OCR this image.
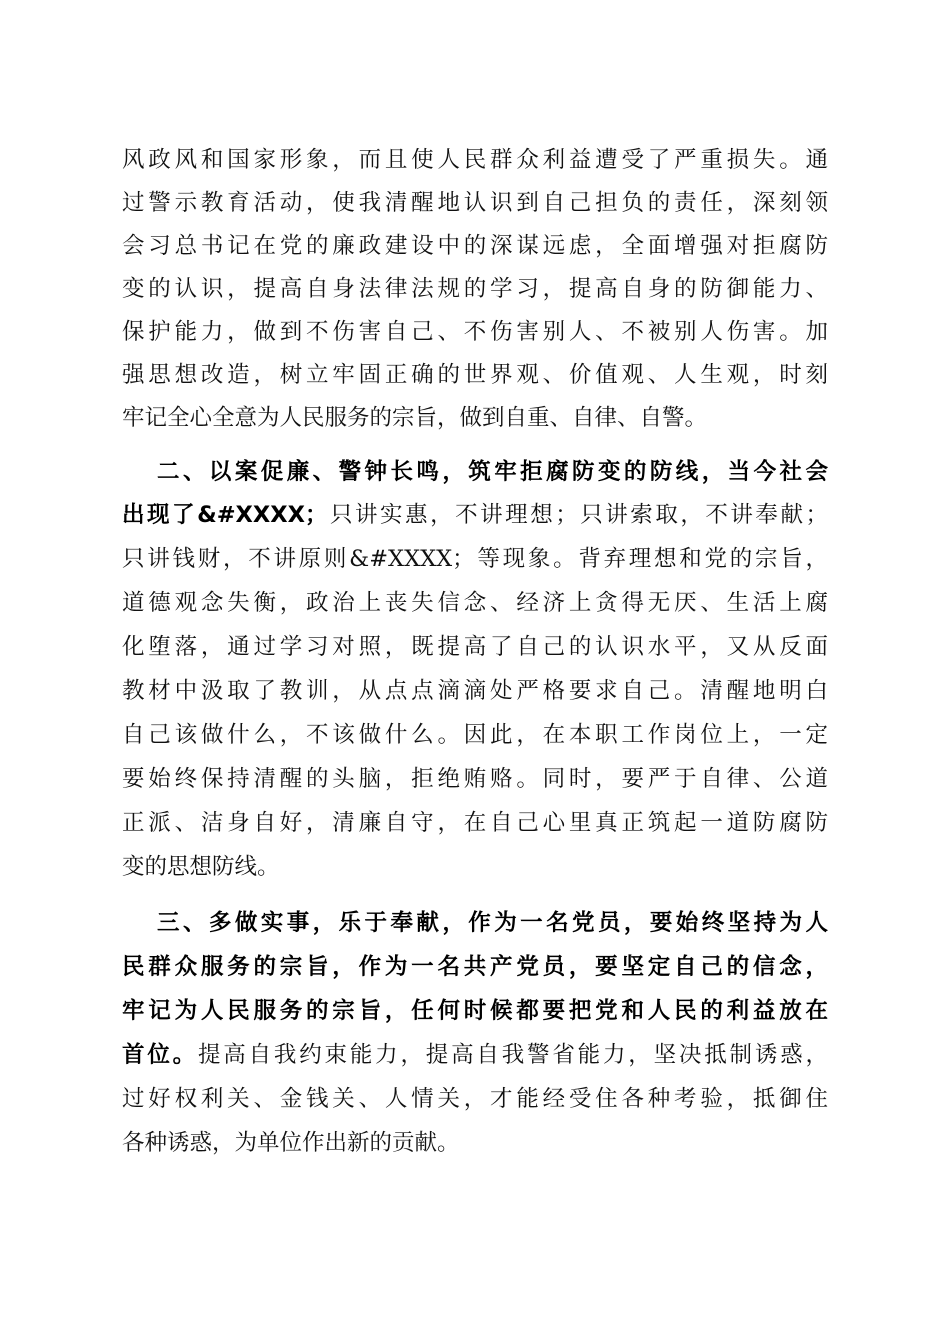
风政风和国家形象，而且使人民群众利益遭受了严重损失。通
过警示教育活动，使我清醒地认识到自己担负的责任，深刻领
会习总书记在党的廉政建设中的深谋远虑，全面增强对拒腐防
变的认识，提高自身法律法规的学习，提高自身的防御能力、
保护能力，做到不伤害自己、不伤害别人、不被别人伤害。加
强思想改造，树立牢固正确的世界观、价值观、人生观，时刻
牢记全心全意为人民服务的宗旨，做到自重、自律、自警。
二、以案促廉、警钟长鸣，筑牢拒腐防变的防线，当今社会
出现了&#XXXX；只讲实惠，不讲理想；只讲索取，不讲奉献；
只讲钱财，不讲原则&#XXXX；等现象。背弃理想和党的宗旨，
道德观念失衡，政治上丧失信念、经济上贪得无厌、生活上腐
化堕落，通过学习对照，既提高了自己的认识水平，又从反面
教材中汲取了教训，从点点滴滴处严格要求自己。清醒地明白
自己该做什么，不该做什么。因此，在本职工作岗位上，一定
要始终保持清醒的头脑，拒绝贿赂。同时，要严于自律、公道
正派、洁身自好，清廉自守，在自己心里真正筑起一道防腐防
变的思想防线。
三、多做实事，乐于奉献，作为一名党员，要始终坚持为人
民群众服务的宗旨，作为一名共产党员，要坚定自己的信念，
牢记为人民服务的宗旨，任何时候都要把党和人民的利益放在
首位。提高自我约束能力，提高自我警省能力，坚决抵制诱惑，
过好权利关、金钱关、人情关，才能经受住各种考验，抵御住
各种诱惑，为单位作出新的贡献。
